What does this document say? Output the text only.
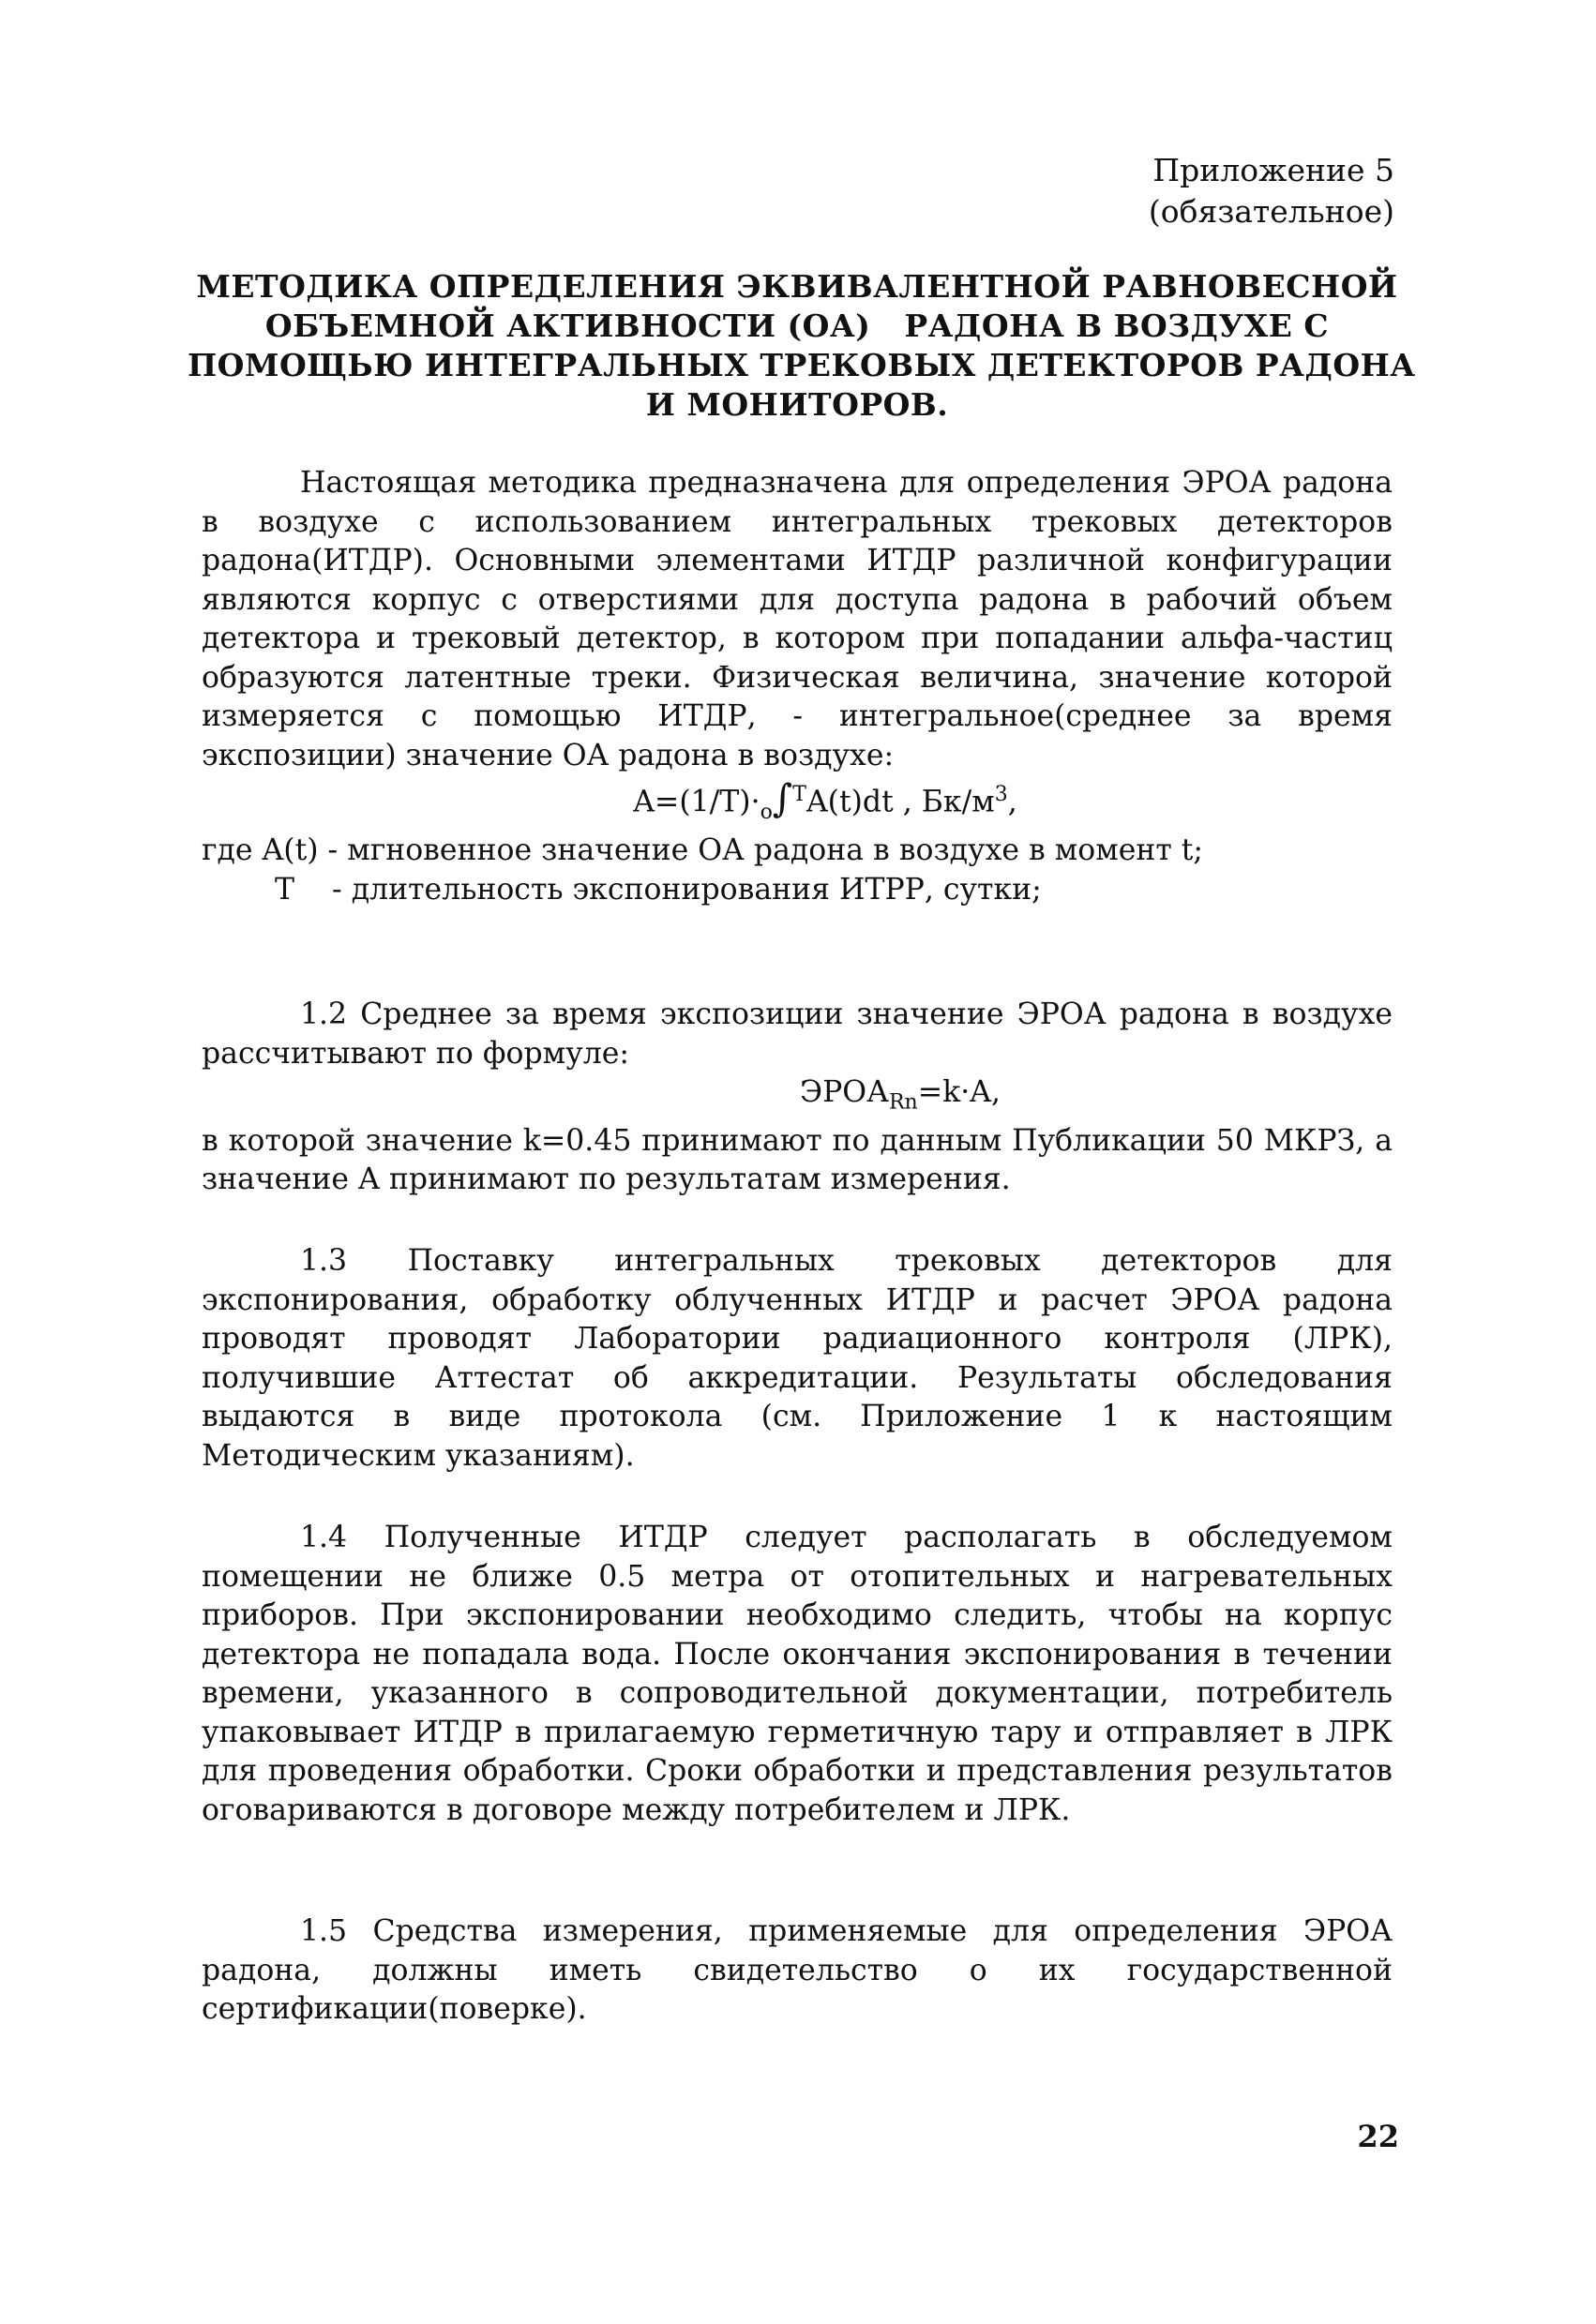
Приложение 5
(обязательное)
МЕТОДИКА ОПРЕДЕЛЕНИЯ ЭКВИВАЛЕНТНОЙ РАВНОВЕСНОЙ
ОБЪЕМНОЙ АКТИВНОСТИ (ОА)   РАДОНА В ВОЗДУХЕ С
ПОМОЩЬЮ ИНТЕГРАЛЬНЫХ ТРЕКОВЫХ ДЕТЕКТОРОВ РАДОНА
И МОНИТОРОВ.

Настоящая методика предназначена для определения ЭРОА радона в воздухе с использованием интегральных трековых детекторов радона(ИТДР). Основными элементами ИТДР различной конфигурации являются корпус с отверстиями для доступа радона в рабочий объем детектора и трековый детектор, в котором при попадании альфа-частиц образуются латентные треки. Физическая величина, значение которой измеряется с помощью ИТДР, - интегральное(среднее за время экспозиции) значение ОА радона в воздухе:

$A=(1/T)\cdot_o\int^TA(t)dt$ , $Бк/м^3$,
где A(t) - мгновенное значение ОА радона в воздухе в момент t;
T    - длительность экспонирования ИТРР, сутки;

1.2 Среднее за время экспозиции значение ЭРОА радона в воздухе рассчитывают по формуле:

$ЭРОА_{Rn}=k\cdot A$,

в которой значение k=0.45 принимают по данным Публикации 50 МКРЗ, а значение A принимают по результатам измерения.

1.3 Поставку интегральных трековых детекторов для экспонирования, обработку облученных ИТДР и расчет ЭРОА радона проводят проводят Лаборатории радиационного контроля (ЛРК), получившие Аттестат об аккредитации. Результаты обследования выдаются в виде протокола (см. Приложение 1 к настоящим Методическим указаниям).

1.4 Полученные ИТДР следует располагать в обследуемом помещении не ближе 0.5 метра от отопительных и нагревательных приборов. При экспонировании необходимо следить, чтобы на корпус детектора не попадала вода. После окончания экспонирования в течении времени, указанного в сопроводительной документации, потребитель упаковывает ИТДР в прилагаемую герметичную тару и отправляет в ЛРК для проведения обработки. Сроки обработки и представления результатов оговариваются в договоре между потребителем и ЛРК.

1.5 Средства измерения, применяемые для определения ЭРОА радона, должны иметь свидетельство о их государственной сертификации(поверке).

22
